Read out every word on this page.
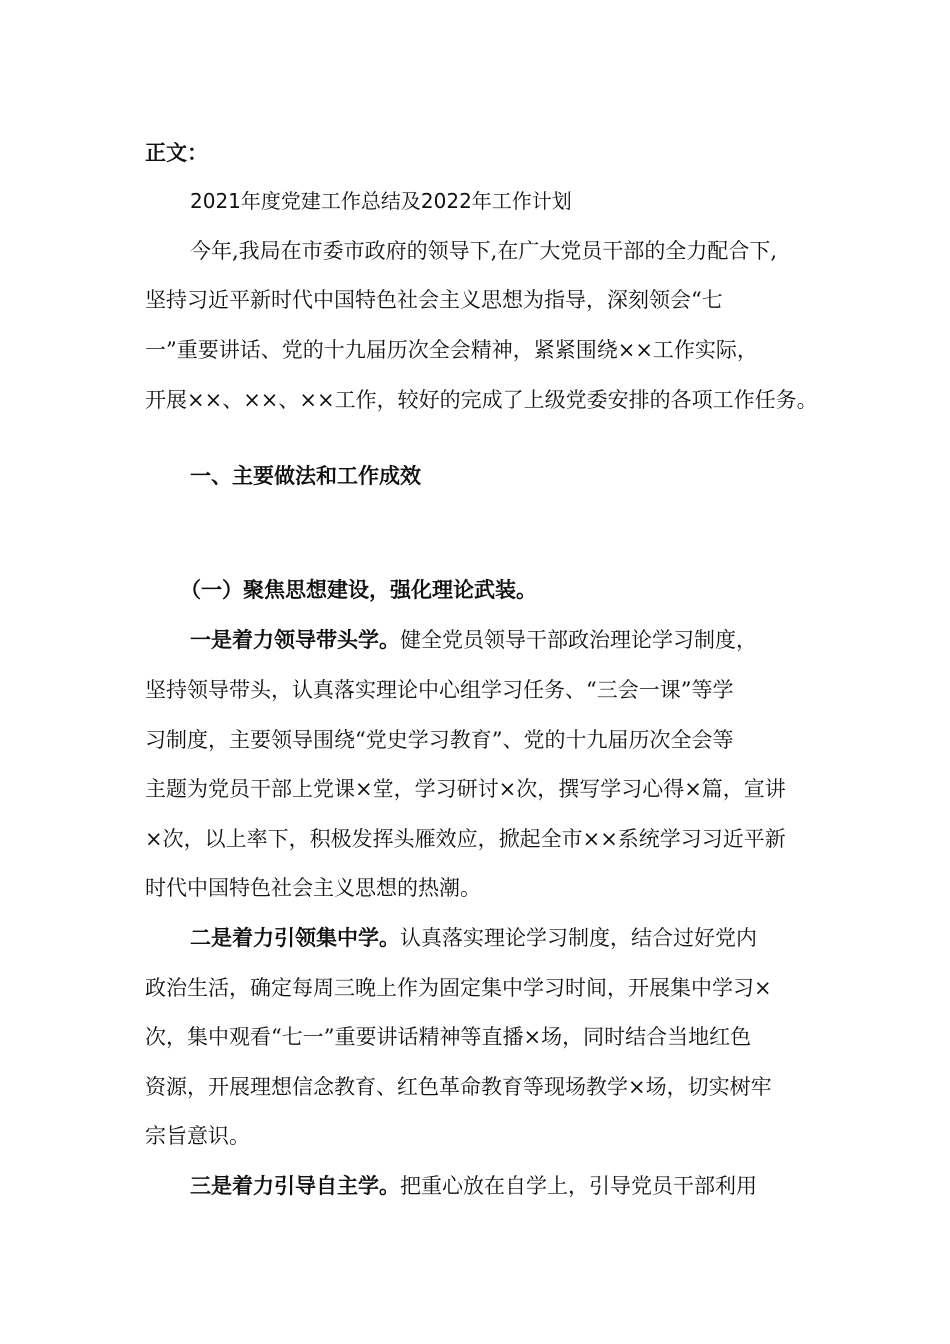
正文：
2021年度党建工作总结及2022年工作计划
今年,我局在市委市政府的领导下,在广大党员干部的全力配合下,
坚持习近平新时代中国特色社会主义思想为指导，深刻领会“七
一”重要讲话、党的十九届历次全会精神，紧紧围绕××工作实际，
开展××、××、××工作，较好的完成了上级党委安排的各项工作任务。
一、主要做法和工作成效
（一）聚焦思想建设，强化理论武装。
一是着力领导带头学。健全党员领导干部政治理论学习制度，
坚持领导带头，认真落实理论中心组学习任务、“三会一课”等学
习制度，主要领导围绕“党史学习教育”、党的十九届历次全会等
主题为党员干部上党课×堂，学习研讨×次，撰写学习心得×篇，宣讲
×次，以上率下，积极发挥头雁效应，掀起全市××系统学习习近平新
时代中国特色社会主义思想的热潮。
二是着力引领集中学。认真落实理论学习制度，结合过好党内
政治生活，确定每周三晚上作为固定集中学习时间，开展集中学习×
次，集中观看“七一”重要讲话精神等直播×场，同时结合当地红色
资源，开展理想信念教育、红色革命教育等现场教学×场，切实树牢
宗旨意识。
三是着力引导自主学。把重心放在自学上，引导党员干部利用
